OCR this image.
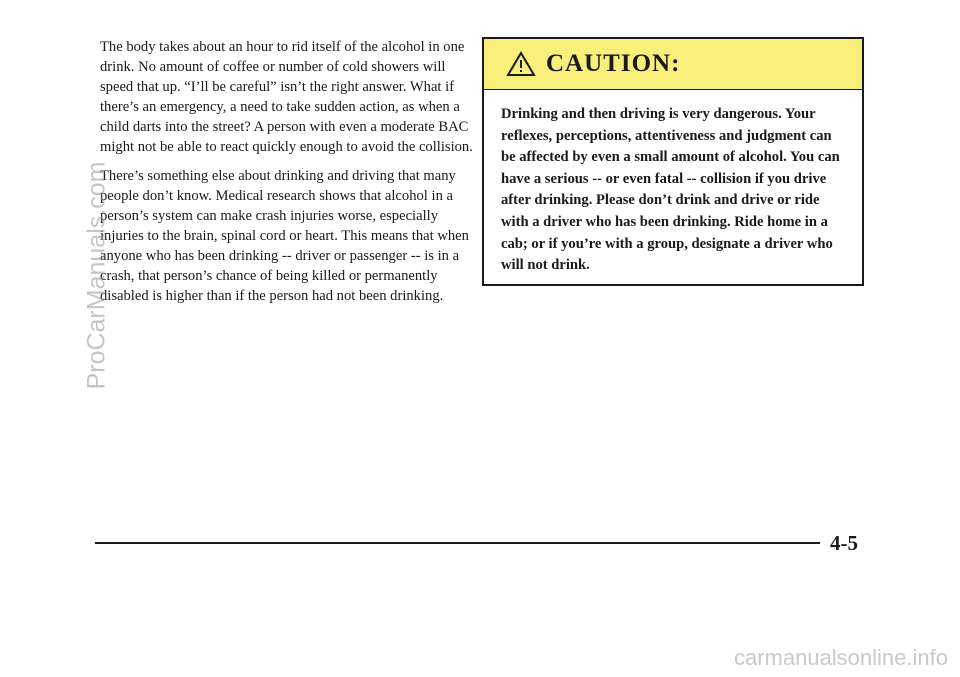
The body takes about an hour to rid itself of the alcohol in one drink. No amount of coffee or number of cold showers will speed that up. “I’ll be careful” isn’t the right answer. What if there’s an emergency, a need to take sudden action, as when a child darts into the street? A person with even a moderate BAC might not be able to react quickly enough to avoid the collision.

There’s something else about drinking and driving that many people don’t know. Medical research shows that alcohol in a person’s system can make crash injuries worse, especially injuries to the brain, spinal cord or heart. This means that when anyone who has been drinking -- driver or passenger -- is in a crash, that person’s chance of being killed or permanently disabled is higher than if the person had not been drinking.

CAUTION:
Drinking and then driving is very dangerous. Your reflexes, perceptions, attentiveness and judgment can be affected by even a small amount of alcohol. You can have a serious -- or even fatal -- collision if you drive after drinking. Please don’t drink and drive or ride with a driver who has been drinking. Ride home in a cab; or if you’re with a group, designate a driver who will not drink.
ProCarManuals.com
4-5
carmanualsonline.info
